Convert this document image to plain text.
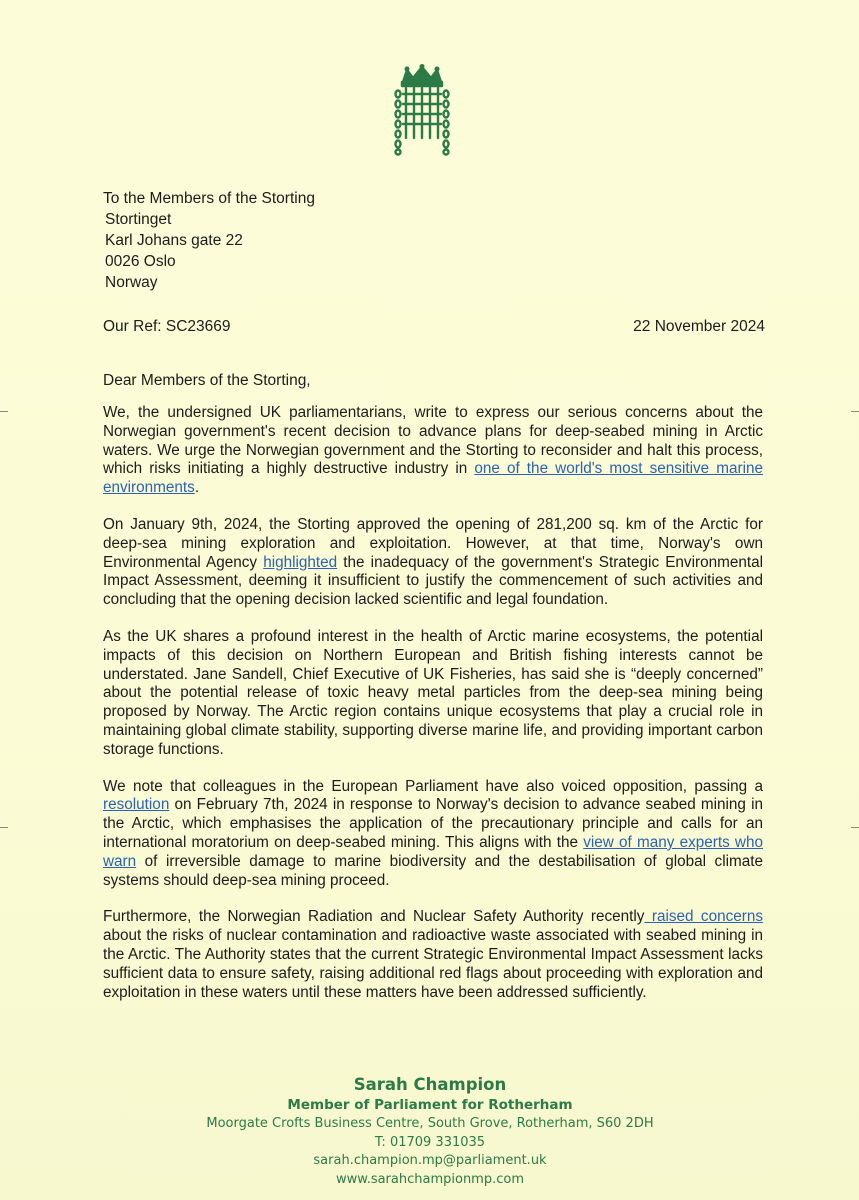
To the Members of the Storting
Stortinget
Karl Johans gate 22
0026 Oslo
Norway
Our Ref: SC23669	22 November 2024
Dear Members of the Storting,

We, the undersigned UK parliamentarians, write to express our serious concerns about the Norwegian government's recent decision to advance plans for deep-seabed mining in Arctic waters. We urge the Norwegian government and the Storting to reconsider and halt this process, which risks initiating a highly destructive industry in one of the world's most sensitive marine environments.

On January 9th, 2024, the Storting approved the opening of 281,200 sq. km of the Arctic for deep-sea mining exploration and exploitation. However, at that time, Norway's own Environmental Agency highlighted the inadequacy of the government's Strategic Environmental Impact Assessment, deeming it insufficient to justify the commencement of such activities and concluding that the opening decision lacked scientific and legal foundation.

As the UK shares a profound interest in the health of Arctic marine ecosystems, the potential impacts of this decision on Northern European and British fishing interests cannot be understated. Jane Sandell, Chief Executive of UK Fisheries, has said she is “deeply concerned” about the potential release of toxic heavy metal particles from the deep-sea mining being proposed by Norway. The Arctic region contains unique ecosystems that play a crucial role in maintaining global climate stability, supporting diverse marine life, and providing important carbon storage functions.

We note that colleagues in the European Parliament have also voiced opposition, passing a resolution on February 7th, 2024 in response to Norway's decision to advance seabed mining in the Arctic, which emphasises the application of the precautionary principle and calls for an international moratorium on deep-seabed mining. This aligns with the view of many experts who warn of irreversible damage to marine biodiversity and the destabilisation of global climate systems should deep-sea mining proceed.

Furthermore, the Norwegian Radiation and Nuclear Safety Authority recently raised concerns about the risks of nuclear contamination and radioactive waste associated with seabed mining in the Arctic. The Authority states that the current Strategic Environmental Impact Assessment lacks sufficient data to ensure safety, raising additional red flags about proceeding with exploration and exploitation in these waters until these matters have been addressed sufficiently.

Sarah Champion
Member of Parliament for Rotherham
Moorgate Crofts Business Centre, South Grove, Rotherham, S60 2DH
T: 01709 331035
sarah.champion.mp@parliament.uk
www.sarahchampionmp.com
